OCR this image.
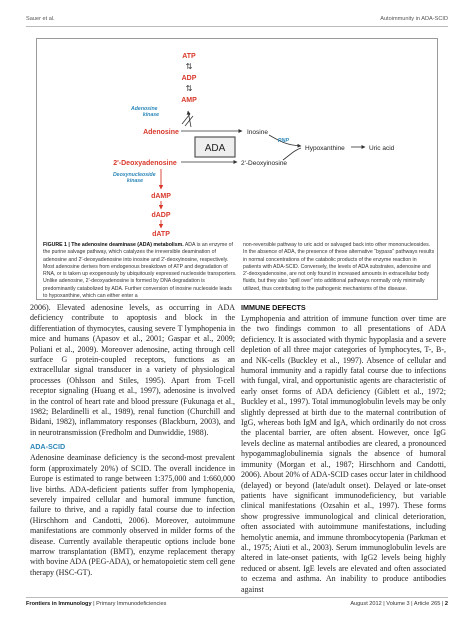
Sauer et al.	Autoimmunity in ADA-SCID
ATP
⇅
ADP
⇅
AMP
Adenosine kinase
Adenosine	Inosine
ADA
2'-Deoxyadenosine	2'-Deoxyinosine
PNP
Hypoxanthine	Uric acid
Deoxynucleoside kinase
dAMP
dADP
dATP
FIGURE 1 | The adenosine deaminase (ADA) metabolism. ADA is an enzyme of the purine salvage pathway, which catalyzes the irreversible deamination of adenosine and 2'-deoxyadenosine into inosine and 2'-deoxyinosine, respectively. Most adenosine derives from endogenous breakdown of ATP and degradation of RNA, or is taken up exogenously by ubiquitously expressed nucleoside transporters. Unlike adenosine, 2'-deoxyadenosine is formed by DNA degradation is predominantly catabolized by ADA. Further conversion of inosine nucleoside leads to hypoxanthine, which can either enter a
non-reversible pathway to uric acid or salvaged back into other mononucleosides. In the absence of ADA, the presence of these alternative “bypass” pathways results in normal concentrations of the catabolic products of the enzyme reaction in patients with ADA-SCID. Conversely, the levels of ADA substrates, adenosine and 2'-deoxyadenosine, are not only found in increased amounts in extracellular body fluids, but they also “spill over” into additional pathways normally only minimally utilized, thus contributing to the pathogenic mechanisms of the disease.

2006). Elevated adenosine levels, as occurring in ADA deficiency contribute to apoptosis and block in the differentiation of thymocytes, causing severe T lymphopenia in mice and humans (Apasov et al., 2001; Gaspar et al., 2009; Poliani et al., 2009). Moreover adenosine, acting through cell surface G protein-coupled receptors, functions as an extracellular signal transducer in a variety of physiological processes (Ohlsson and Stiles, 1995). Apart from T-cell receptor signaling (Huang et al., 1997), adenosine is involved in the control of heart rate and blood pressure (Fukunaga et al., 1982; Belardinelli et al., 1989), renal function (Churchill and Bidani, 1982), inflammatory responses (Blackburn, 2003), and in neurotransmission (Fredholm and Dunwiddie, 1988).

ADA-SCID

Adenosine deaminase deficiency is the second-most prevalent form (approximately 20%) of SCID. The overall incidence in Europe is estimated to range between 1:375,000 and 1:660,000 live births. ADA-deficient patients suffer from lymphopenia, severely impaired cellular and humoral immune function, failure to thrive, and a rapidly fatal course due to infection (Hirschhorn and Candotti, 2006). Moreover, autoimmune manifestations are commonly observed in milder forms of the disease. Currently available therapeutic options include bone marrow transplantation (BMT), enzyme replacement therapy with bovine ADA (PEG-ADA), or hematopoietic stem cell gene therapy (HSC-GT).

IMMUNE DEFECTS

Lymphopenia and attrition of immune function over time are the two findings common to all presentations of ADA deficiency. It is associated with thymic hypoplasia and a severe depletion of all three major categories of lymphocytes, T-, B-, and NK-cells (Buckley et al., 1997). Absence of cellular and humoral immunity and a rapidly fatal course due to infections with fungal, viral, and opportunistic agents are characteristic of early onset forms of ADA deficiency (Giblett et al., 1972; Buckley et al., 1997). Total immunoglobulin levels may be only slightly depressed at birth due to the maternal contribution of IgG, whereas both IgM and IgA, which ordinarily do not cross the placental barrier, are often absent. However, once IgG levels decline as maternal antibodies are cleared, a pronounced hypogammaglobulinemia signals the absence of humoral immunity (Morgan et al., 1987; Hirschhorn and Candotti, 2006). About 20% of ADA-SCID cases occur later in childhood (delayed) or beyond (late/adult onset). Delayed or late-onset patients have significant immunodeficiency, but variable clinical manifestations (Ozsahin et al., 1997). These forms show progressive immunological and clinical deterioration, often associated with autoimmune manifestations, including hemolytic anemia, and immune thrombocytopenia (Parkman et al., 1975; Aiuti et al., 2003). Serum immunoglobulin levels are altered in late-onset patients, with IgG2 levels being highly reduced or absent. IgE levels are elevated and often associated to eczema and asthma. An inability to produce antibodies against

Frontiers in Immunology | Primary Immunodeficiencies	August 2012 | Volume 3 | Article 265 | 2
